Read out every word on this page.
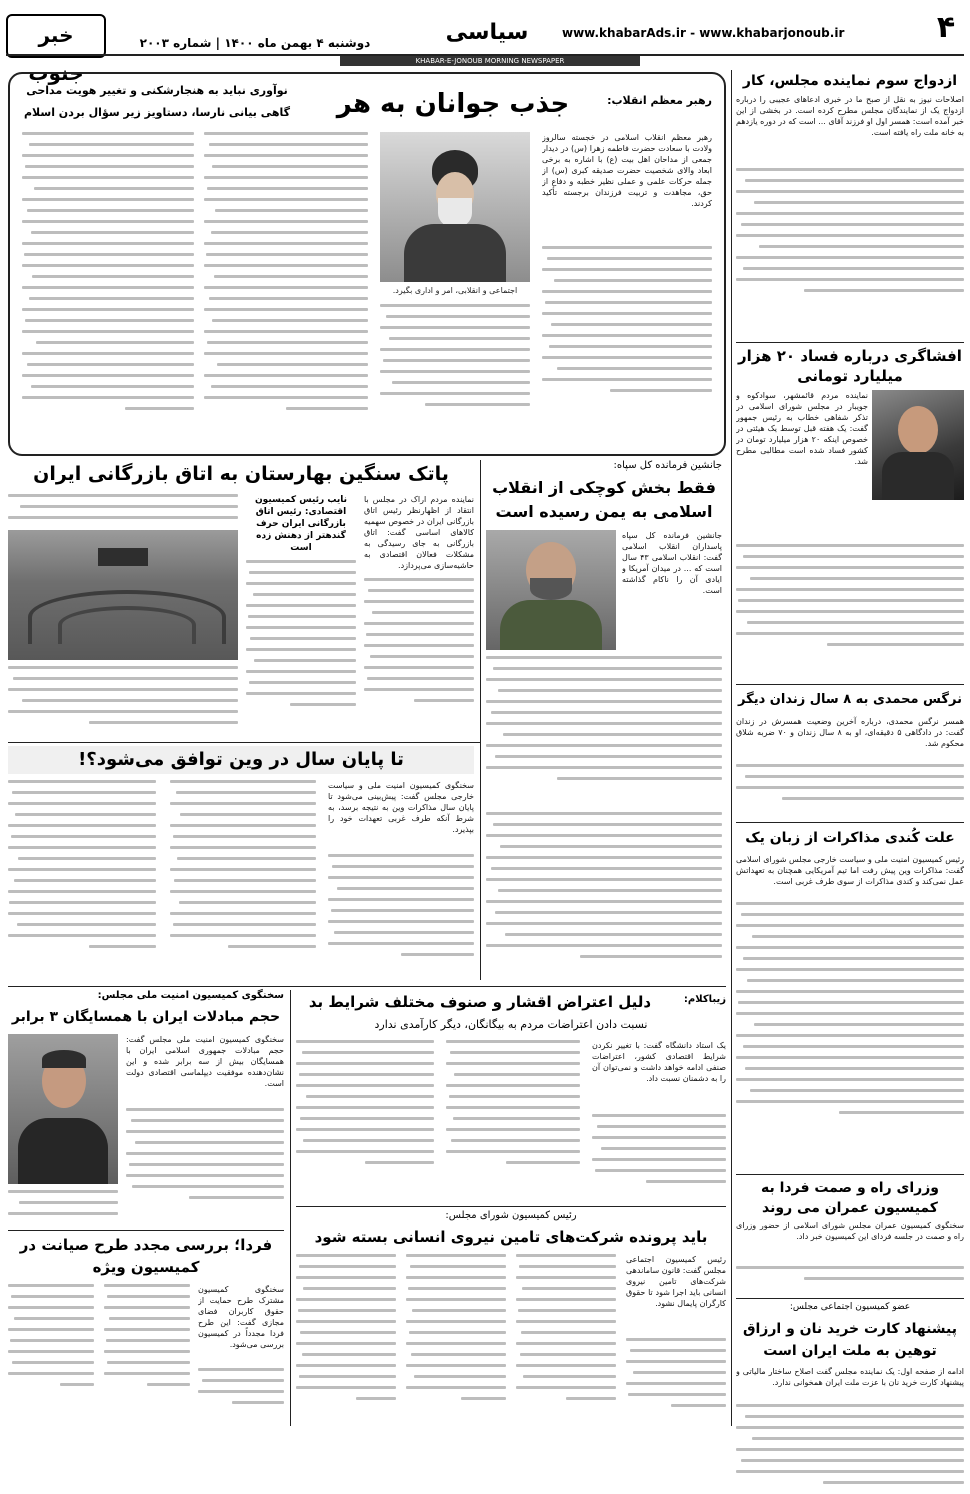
۴
www.khabarAds.ir - www.khabarjonoub.ir
سیاسی
دوشنبه ۴ بهمن ماه ۱۴۰۰ | شماره ۲۰۰۳
خبر جنوب	KHABAR-E-JONOUB MORNING NEWSPAPER
ازدواج سوم نماینده مجلس، کار
اصلاحات نیوز به نقل از صبح ما در خبری ادعاهای عجیبی را درباره ازدواج یک از نمایندگان مجلس مطرح کرده است. در بخشی از این خبر آمده است: همسر اول او فرزند آقای ... است که در دوره یازدهم به خانه ملت راه یافته است.
افشاگری درباره فساد ۲۰ هزار میلیارد تومانی
نماینده مردم قائمشهر، سوادکوه و جویبار در مجلس شورای اسلامی در تذکر شفاهی خطاب به رئیس جمهور گفت: یک هفته قبل توسط یک هیئتی در خصوص اینکه ۲۰ هزار میلیارد تومان در کشور فساد شده است مطالبی مطرح شد.
نرگس محمدی به ۸ سال زندان دیگر
همسر نرگس محمدی، درباره آخرین وضعیت همسرش در زندان گفت: در دادگاهی ۵ دقیقه‌ای، او به ۸ سال زندان و ۷۰ ضربه شلاق محکوم شد.
علت کُندی مذاکرات از زبان یک
رئیس کمیسیون امنیت ملی و سیاست خارجی مجلس شورای اسلامی گفت: مذاکرات وین پیش رفت اما تیم آمریکایی همچنان به تعهداتش عمل نمی‌کند و کندی مذاکرات از سوی طرف غربی است.
وزرای راه و صمت فردا به کمیسیون عمران می روند
سخنگوی کمیسیون عمران مجلس شورای اسلامی از حضور وزرای راه و صمت در جلسه فردای این کمیسیون خبر داد.
عضو کمیسیون اجتماعی مجلس:
پیشنهاد کارت خرید نان و ارزاق توهین به ملت ایران است
ادامه از صفحه اول: یک نماینده مجلس گفت اصلاح ساختار مالیاتی و پیشنهاد کارت خرید نان با عزت ملت ایران همخوانی ندارد.
رهبر معظم انقلاب:
جذب جوانان به هر
نوآوری نباید به هنجارشکنی و تغییر هویت مداحی
گاهی بیانی نارسا، دستاویز زیر سؤال بردن اسلام
رهبر معظم انقلاب اسلامی در خجسته سالروز ولادت با سعادت حضرت فاطمه زهرا (س) در دیدار جمعی از مداحان اهل بیت (ع) با اشاره به برخی ابعاد والای شخصیت حضرت صدیقه کبری (س) از جمله حرکات علمی و عملی نظیر خطبه و دفاع از حق، مجاهدت و تربیت فرزندان برجسته تأکید کردند.
اجتماعی و انقلابی، امر و اداری بگیرد.
جانشین فرمانده کل سپاه:
فقط بخش کوچکی از انقلاب اسلامی به یمن رسیده است
جانشین فرمانده کل سپاه پاسداران انقلاب اسلامی گفت: انقلاب اسلامی ۴۳ سال است که ... در میدان آمریکا و ایادی آن را ناکام گذاشته است.
پاتک سنگین بهارستان به اتاق بازرگانی ایران
نماینده مردم اراک در مجلس با انتقاد از اظهارنظر رئیس اتاق بازرگانی ایران در خصوص سهمیه کالاهای اساسی گفت: اتاق بازرگانی به جای رسیدگی به مشکلات فعالان اقتصادی به حاشیه‌سازی می‌پردازد.
نایب رئیس کمیسیون اقتصادی: رئیس اتاق بازرگانی ایران حرف گندهتر از دهنش زده است
تا پایان سال در وین توافق می‌شود؟!
سخنگوی کمیسیون امنیت ملی و سیاست خارجی مجلس گفت: پیش‌بینی می‌شود تا پایان سال مذاکرات وین به نتیجه برسد، به شرط آنکه طرف غربی تعهدات خود را بپذیرد.
زیباکلام:
دلیل اعتراض اقشار و صنوف مختلف شرایط بد
نسبت دادن اعتراضات مردم به بیگانگان، دیگر کارآمدی ندارد
یک استاد دانشگاه گفت: با تغییر نکردن شرایط اقتصادی کشور، اعتراضات صنفی ادامه خواهد داشت و نمی‌توان آن را به دشمنان نسبت داد.
سخنگوی کمیسیون امنیت ملی مجلس:
حجم مبادلات ایران با همسایگان ۳ برابر
سخنگوی کمیسیون امنیت ملی مجلس گفت: حجم مبادلات جمهوری اسلامی ایران با همسایگان بیش از سه برابر شده و این نشان‌دهنده موفقیت دیپلماسی اقتصادی دولت است.
فردا؛ بررسی مجدد طرح صیانت در کمیسیون ویژه
سخنگوی کمیسیون مشترک طرح حمایت از حقوق کاربران فضای مجازی گفت: این طرح فردا مجدداً در کمیسیون بررسی می‌شود.
رئیس کمیسیون شورای مجلس:
باید پرونده شرکت‌های تامین نیروی انسانی بسته شود
رئیس کمیسیون اجتماعی مجلس گفت: قانون ساماندهی شرکت‌های تامین نیروی انسانی باید اجرا شود تا حقوق کارگران پایمال نشود.
